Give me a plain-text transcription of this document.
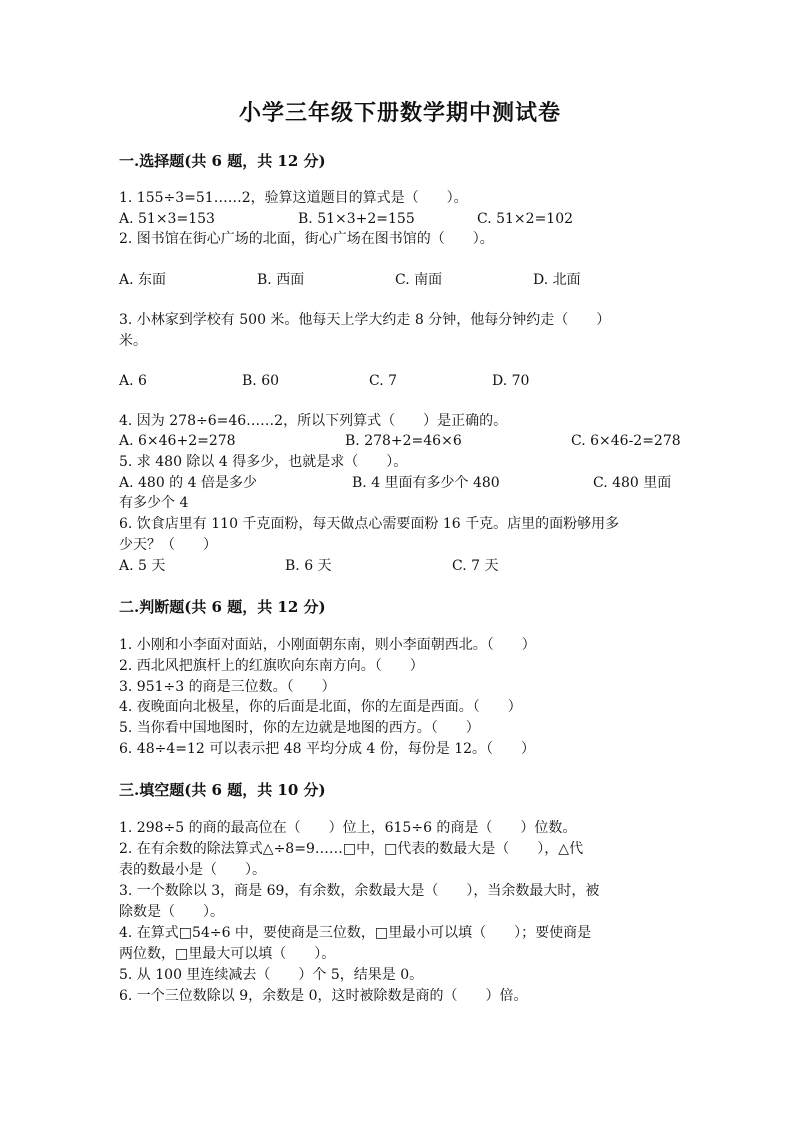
小学三年级下册数学期中测试卷
一.选择题(共 6 题，共 12 分)
1. 155÷3=51……2，验算这道题目的算式是（　　）。
A. 51×3=153	B. 51×3+2=155	C. 51×2=102
2. 图书馆在街心广场的北面，街心广场在图书馆的（　　）。
A. 东面	B. 西面	C. 南面	D. 北面
3. 小林家到学校有 500 米。他每天上学大约走 8 分钟，他每分钟约走（　　）
米。
A. 6	B. 60	C. 7	D. 70
4. 因为 278÷6=46……2，所以下列算式（　　）是正确的。
A. 6×46+2=278	B. 278+2=46×6	C. 6×46-2=278
5. 求 480 除以 4 得多少，也就是求（　　）。
A. 480 的 4 倍是多少	B. 4 里面有多少个 480	C. 480 里面
有多少个 4
6. 饮食店里有 110 千克面粉，每天做点心需要面粉 16 千克。店里的面粉够用多
少天？（　　）
A. 5 天	B. 6 天	C. 7 天
二.判断题(共 6 题，共 12 分)
1. 小刚和小李面对面站，小刚面朝东南，则小李面朝西北。（　　）
2. 西北风把旗杆上的红旗吹向东南方向。（　　）
3. 951÷3 的商是三位数。（　　）
4. 夜晚面向北极星，你的后面是北面，你的左面是西面。（　　）
5. 当你看中国地图时，你的左边就是地图的西方。（　　）
6. 48÷4=12 可以表示把 48 平均分成 4 份，每份是 12。（　　）
三.填空题(共 6 题，共 10 分)
1. 298÷5 的商的最高位在（　　）位上，615÷6 的商是（　　）位数。
2. 在有余数的除法算式△÷8=9……□中，□代表的数最大是（　　），△代
表的数最小是（　　）。
3. 一个数除以 3，商是 69，有余数，余数最大是（　　），当余数最大时，被
除数是（　　）。
4. 在算式□54÷6 中，要使商是三位数，□里最小可以填（　　）；要使商是
两位数，□里最大可以填（　　）。
5. 从 100 里连续减去（　　）个 5，结果是 0。
6. 一个三位数除以 9，余数是 0，这时被除数是商的（　　）倍。
